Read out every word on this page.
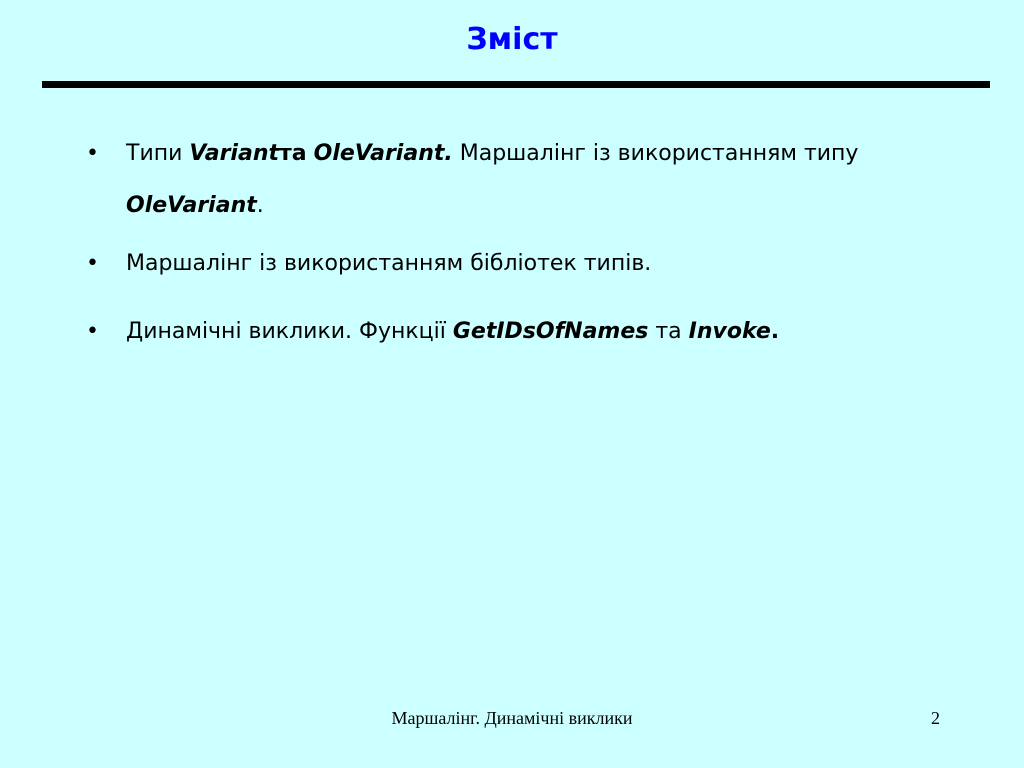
Зміст
• Типи Variantта OleVariant. Маршалінг із використанням типу
OleVariant.
• Маршалінг із використанням бібліотек типів.
• Динамічні виклики. Функції GetIDsOfNames та Invoke.
Маршалінг. Динамічні виклики	2
